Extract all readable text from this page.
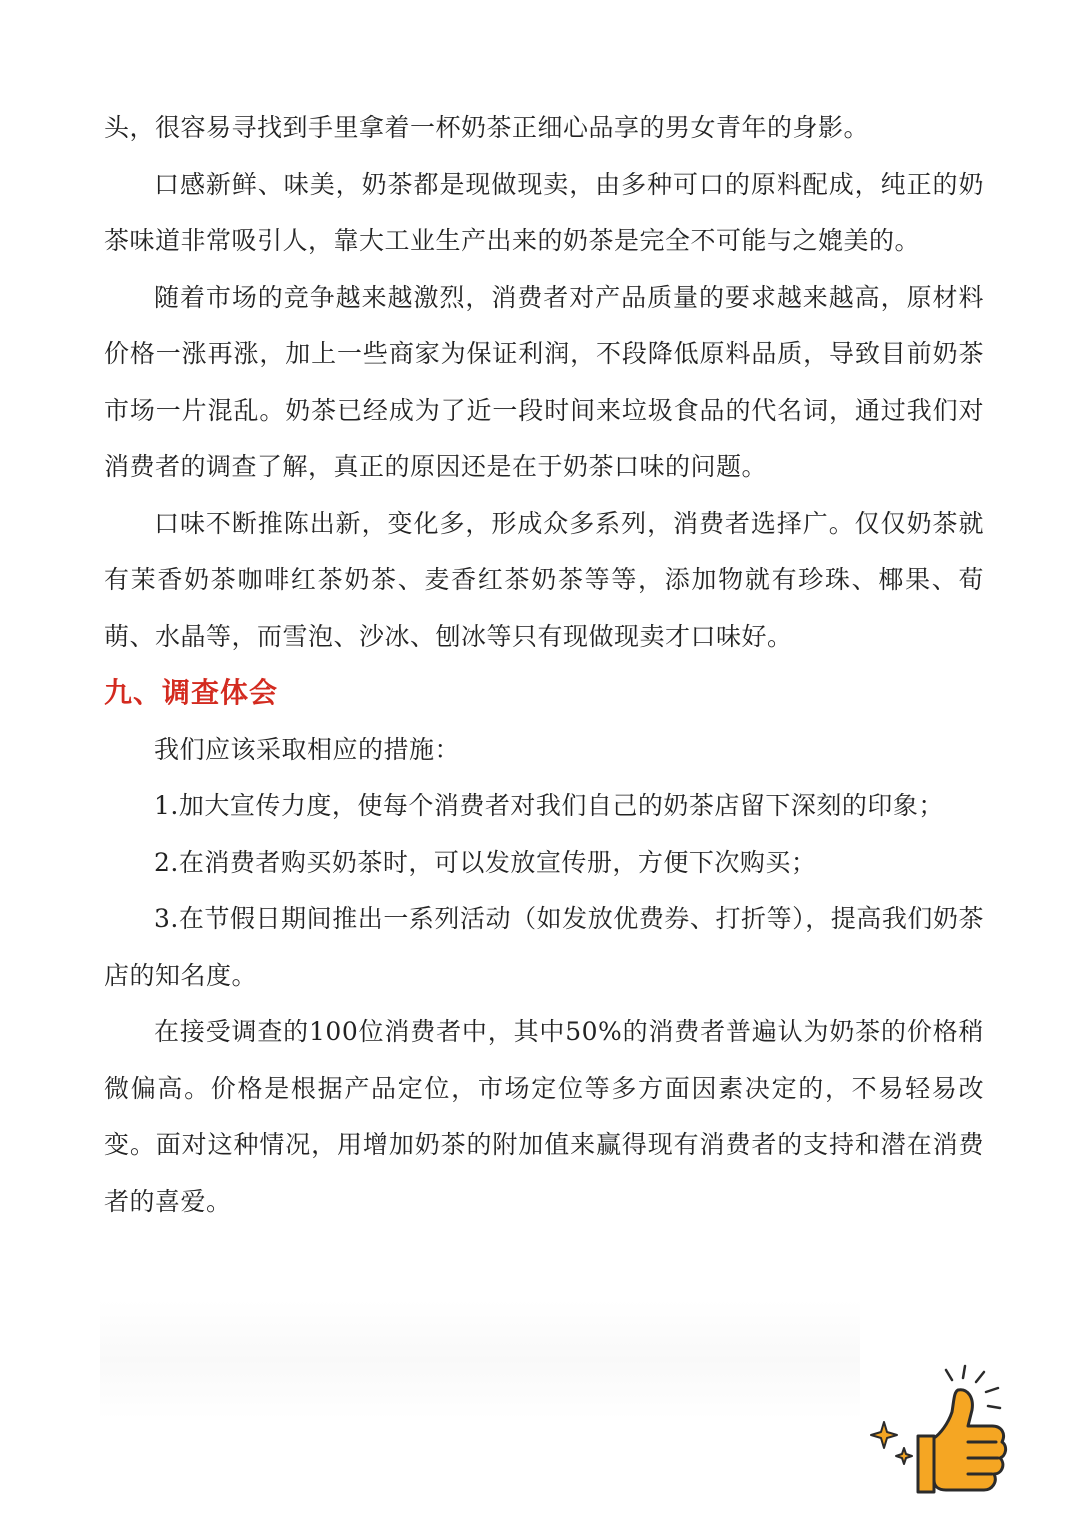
头，很容易寻找到手里拿着一杯奶茶正细心品享的男女青年的身影。

口感新鲜、味美，奶茶都是现做现卖，由多种可口的原料配成，纯正的奶茶味道非常吸引人，靠大工业生产出来的奶茶是完全不可能与之媲美的。

随着市场的竞争越来越激烈，消费者对产品质量的要求越来越高，原材料价格一涨再涨，加上一些商家为保证利润，不段降低原料品质，导致目前奶茶市场一片混乱。奶茶已经成为了近一段时间来垃圾食品的代名词，通过我们对消费者的调查了解，真正的原因还是在于奶茶口味的问题。

口味不断推陈出新，变化多，形成众多系列，消费者选择广。仅仅奶茶就有茉香奶茶咖啡红茶奶茶、麦香红茶奶茶等等，添加物就有珍珠、椰果、荀萌、水晶等，而雪泡、沙冰、刨冰等只有现做现卖才口味好。

九、调查体会

我们应该采取相应的措施：

1.加大宣传力度，使每个消费者对我们自己的奶茶店留下深刻的印象；

2.在消费者购买奶茶时，可以发放宣传册，方便下次购买；

3.在节假日期间推出一系列活动（如发放优费券、打折等），提高我们奶茶店的知名度。

在接受调查的100位消费者中，其中50%的消费者普遍认为奶茶的价格稍微偏高。价格是根据产品定位，市场定位等多方面因素决定的，不易轻易改变。面对这种情况，用增加奶茶的附加值来赢得现有消费者的支持和潜在消费者的喜爱。
